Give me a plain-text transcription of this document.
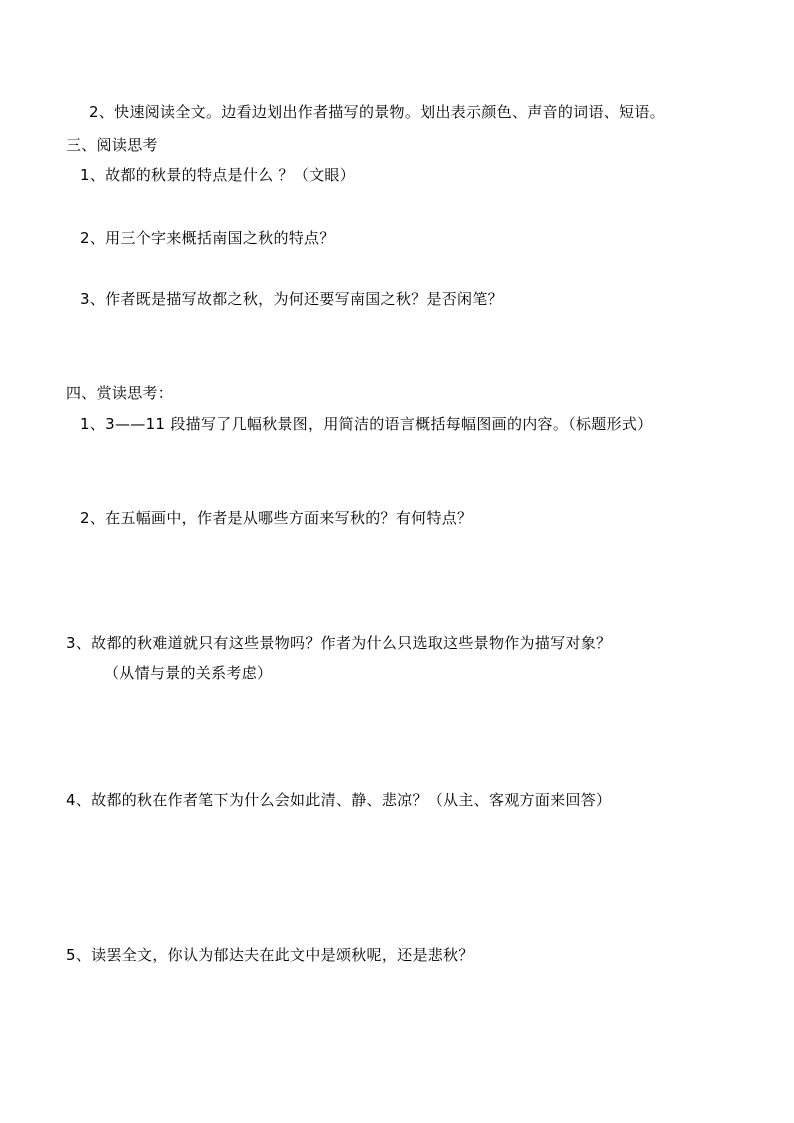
2、快速阅读全文。边看边划出作者描写的景物。划出表示颜色、声音的词语、短语。
三、阅读思考
1、故都的秋景的特点是什么 ？（文眼）
2、用三个字来概括南国之秋的特点？
3、作者既是描写故都之秋，为何还要写南国之秋？是否闲笔？
四、赏读思考：
1、3——11 段描写了几幅秋景图，用简洁的语言概括每幅图画的内容。（标题形式）
2、在五幅画中，作者是从哪些方面来写秋的？有何特点？
3、故都的秋难道就只有这些景物吗？作者为什么只选取这些景物作为描写对象？
（从情与景的关系考虑）
4、故都的秋在作者笔下为什么会如此清、静、悲凉？（从主、客观方面来回答）
5、读罢全文，你认为郁达夫在此文中是颂秋呢，还是悲秋？
